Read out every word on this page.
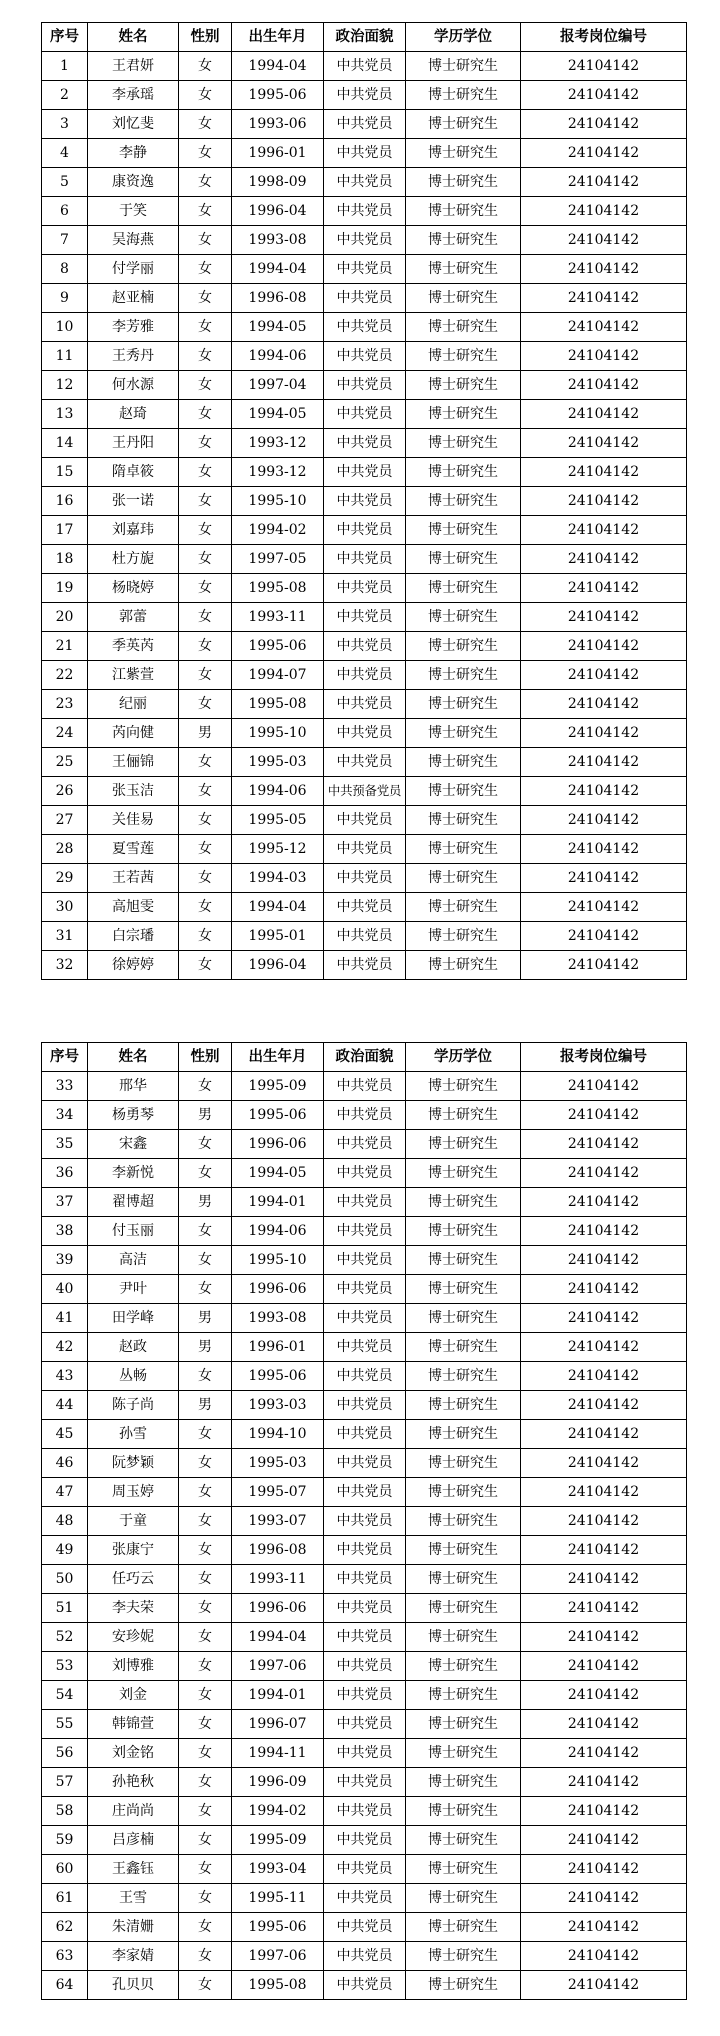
序号	姓名	性别	出生年月	政治面貌	学历学位	报考岗位编号
1	王君妍	女	1994-04	中共党员	博士研究生	24104142
2	李承瑶	女	1995-06	中共党员	博士研究生	24104142
3	刘忆斐	女	1993-06	中共党员	博士研究生	24104142
4	李静	女	1996-01	中共党员	博士研究生	24104142
5	康资逸	女	1998-09	中共党员	博士研究生	24104142
6	于笑	女	1996-04	中共党员	博士研究生	24104142
7	吴海燕	女	1993-08	中共党员	博士研究生	24104142
8	付学丽	女	1994-04	中共党员	博士研究生	24104142
9	赵亚楠	女	1996-08	中共党员	博士研究生	24104142
10	李芳雅	女	1994-05	中共党员	博士研究生	24104142
11	王秀丹	女	1994-06	中共党员	博士研究生	24104142
12	何水源	女	1997-04	中共党员	博士研究生	24104142
13	赵琦	女	1994-05	中共党员	博士研究生	24104142
14	王丹阳	女	1993-12	中共党员	博士研究生	24104142
15	隋卓筱	女	1993-12	中共党员	博士研究生	24104142
16	张一诺	女	1995-10	中共党员	博士研究生	24104142
17	刘嘉玮	女	1994-02	中共党员	博士研究生	24104142
18	杜方旎	女	1997-05	中共党员	博士研究生	24104142
19	杨晓婷	女	1995-08	中共党员	博士研究生	24104142
20	郭蕾	女	1993-11	中共党员	博士研究生	24104142
21	季英芮	女	1995-06	中共党员	博士研究生	24104142
22	江紫萱	女	1994-07	中共党员	博士研究生	24104142
23	纪丽	女	1995-08	中共党员	博士研究生	24104142
24	芮向健	男	1995-10	中共党员	博士研究生	24104142
25	王俪锦	女	1995-03	中共党员	博士研究生	24104142
26	张玉洁	女	1994-06	中共预备党员	博士研究生	24104142
27	关佳易	女	1995-05	中共党员	博士研究生	24104142
28	夏雪莲	女	1995-12	中共党员	博士研究生	24104142
29	王若茜	女	1994-03	中共党员	博士研究生	24104142
30	高旭雯	女	1994-04	中共党员	博士研究生	24104142
31	白宗璠	女	1995-01	中共党员	博士研究生	24104142
32	徐婷婷	女	1996-04	中共党员	博士研究生	24104142
序号	姓名	性别	出生年月	政治面貌	学历学位	报考岗位编号
33	邢华	女	1995-09	中共党员	博士研究生	24104142
34	杨勇琴	男	1995-06	中共党员	博士研究生	24104142
35	宋鑫	女	1996-06	中共党员	博士研究生	24104142
36	李新悦	女	1994-05	中共党员	博士研究生	24104142
37	翟博超	男	1994-01	中共党员	博士研究生	24104142
38	付玉丽	女	1994-06	中共党员	博士研究生	24104142
39	高洁	女	1995-10	中共党员	博士研究生	24104142
40	尹叶	女	1996-06	中共党员	博士研究生	24104142
41	田学峰	男	1993-08	中共党员	博士研究生	24104142
42	赵政	男	1996-01	中共党员	博士研究生	24104142
43	丛畅	女	1995-06	中共党员	博士研究生	24104142
44	陈子尚	男	1993-03	中共党员	博士研究生	24104142
45	孙雪	女	1994-10	中共党员	博士研究生	24104142
46	阮梦颖	女	1995-03	中共党员	博士研究生	24104142
47	周玉婷	女	1995-07	中共党员	博士研究生	24104142
48	于童	女	1993-07	中共党员	博士研究生	24104142
49	张康宁	女	1996-08	中共党员	博士研究生	24104142
50	任巧云	女	1993-11	中共党员	博士研究生	24104142
51	李夫荣	女	1996-06	中共党员	博士研究生	24104142
52	安珍妮	女	1994-04	中共党员	博士研究生	24104142
53	刘博雅	女	1997-06	中共党员	博士研究生	24104142
54	刘金	女	1994-01	中共党员	博士研究生	24104142
55	韩锦萱	女	1996-07	中共党员	博士研究生	24104142
56	刘金铭	女	1994-11	中共党员	博士研究生	24104142
57	孙艳秋	女	1996-09	中共党员	博士研究生	24104142
58	庄尚尚	女	1994-02	中共党员	博士研究生	24104142
59	吕彦楠	女	1995-09	中共党员	博士研究生	24104142
60	王鑫钰	女	1993-04	中共党员	博士研究生	24104142
61	王雪	女	1995-11	中共党员	博士研究生	24104142
62	朱清姗	女	1995-06	中共党员	博士研究生	24104142
63	李家婧	女	1997-06	中共党员	博士研究生	24104142
64	孔贝贝	女	1995-08	中共党员	博士研究生	24104142
